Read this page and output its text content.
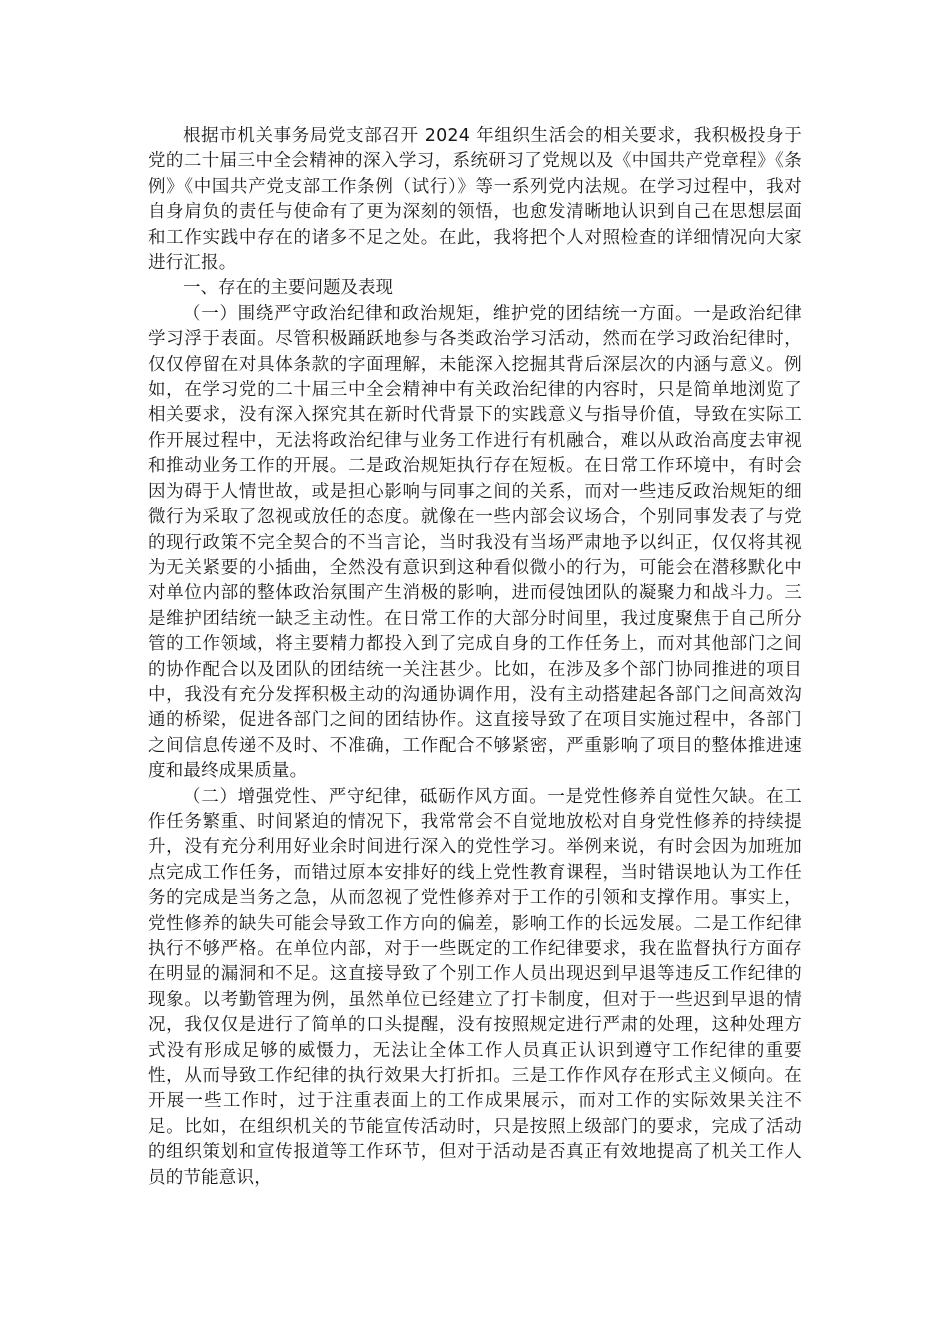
根据市机关事务局党支部召开 2024 年组织生活会的相关要求，我积极投身于党的二十届三中全会精神的深入学习，系统研习了党规以及《中国共产党章程》《条例》《中国共产党支部工作条例（试行）》等一系列党内法规。在学习过程中，我对自身肩负的责任与使命有了更为深刻的领悟，也愈发清晰地认识到自己在思想层面和工作实践中存在的诸多不足之处。在此，我将把个人对照检查的详细情况向大家进行汇报。

一、存在的主要问题及表现

（一）围绕严守政治纪律和政治规矩，维护党的团结统一方面。一是政治纪律学习浮于表面。尽管积极踊跃地参与各类政治学习活动，然而在学习政治纪律时，仅仅停留在对具体条款的字面理解，未能深入挖掘其背后深层次的内涵与意义。例如，在学习党的二十届三中全会精神中有关政治纪律的内容时，只是简单地浏览了相关要求，没有深入探究其在新时代背景下的实践意义与指导价值，导致在实际工作开展过程中，无法将政治纪律与业务工作进行有机融合，难以从政治高度去审视和推动业务工作的开展。二是政治规矩执行存在短板。在日常工作环境中，有时会因为碍于人情世故，或是担心影响与同事之间的关系，而对一些违反政治规矩的细微行为采取了忽视或放任的态度。就像在一些内部会议场合，个别同事发表了与党的现行政策不完全契合的不当言论，当时我没有当场严肃地予以纠正，仅仅将其视为无关紧要的小插曲，全然没有意识到这种看似微小的行为，可能会在潜移默化中对单位内部的整体政治氛围产生消极的影响，进而侵蚀团队的凝聚力和战斗力。三是维护团结统一缺乏主动性。在日常工作的大部分时间里，我过度聚焦于自己所分管的工作领域，将主要精力都投入到了完成自身的工作任务上，而对其他部门之间的协作配合以及团队的团结统一关注甚少。比如，在涉及多个部门协同推进的项目中，我没有充分发挥积极主动的沟通协调作用，没有主动搭建起各部门之间高效沟通的桥梁，促进各部门之间的团结协作。这直接导致了在项目实施过程中，各部门之间信息传递不及时、不准确，工作配合不够紧密，严重影响了项目的整体推进速度和最终成果质量。

（二）增强党性、严守纪律，砥砺作风方面。一是党性修养自觉性欠缺。在工作任务繁重、时间紧迫的情况下，我常常会不自觉地放松对自身党性修养的持续提升，没有充分利用好业余时间进行深入的党性学习。举例来说，有时会因为加班加点完成工作任务，而错过原本安排好的线上党性教育课程，当时错误地认为工作任务的完成是当务之急，从而忽视了党性修养对于工作的引领和支撑作用。事实上，党性修养的缺失可能会导致工作方向的偏差，影响工作的长远发展。二是工作纪律执行不够严格。在单位内部，对于一些既定的工作纪律要求，我在监督执行方面存在明显的漏洞和不足。这直接导致了个别工作人员出现迟到早退等违反工作纪律的现象。以考勤管理为例，虽然单位已经建立了打卡制度，但对于一些迟到早退的情况，我仅仅是进行了简单的口头提醒，没有按照规定进行严肃的处理，这种处理方式没有形成足够的威慑力，无法让全体工作人员真正认识到遵守工作纪律的重要性，从而导致工作纪律的执行效果大打折扣。三是工作作风存在形式主义倾向。在开展一些工作时，过于注重表面上的工作成果展示，而对工作的实际效果关注不足。比如，在组织机关的节能宣传活动时，只是按照上级部门的要求，完成了活动的组织策划和宣传报道等工作环节，但对于活动是否真正有效地提高了机关工作人员的节能意识，
